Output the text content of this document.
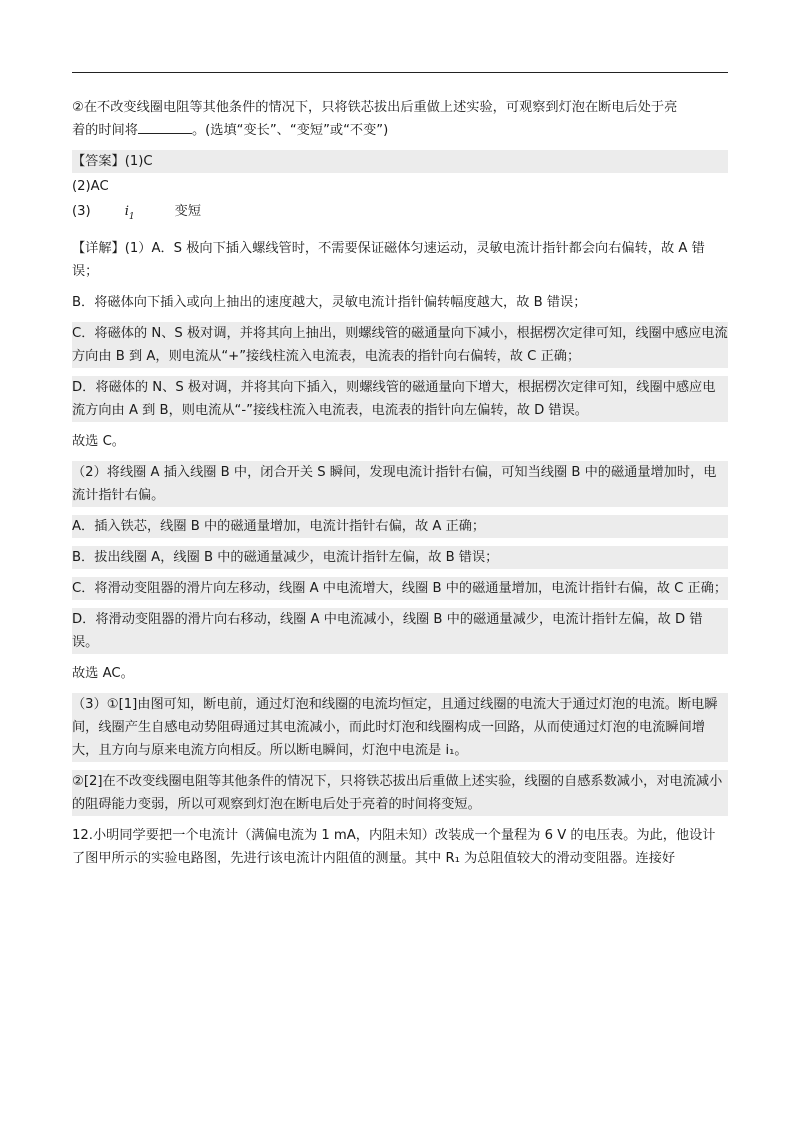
②在不改变线圈电阻等其他条件的情况下，只将铁芯拔出后重做上述实验，可观察到灯泡在断电后处于亮
着的时间将	。(选填“变长”、“变短”或“不变”)

【答案】(1)C

(2)AC

(3)	i1	变短

【详解】(1）A．S 极向下插入螺线管时，不需要保证磁体匀速运动，灵敏电流计指针都会向右偏转，故 A 错误；

B．将磁体向下插入或向上抽出的速度越大，灵敏电流计指针偏转幅度越大，故 B 错误；

C．将磁体的 N、S 极对调，并将其向上抽出，则螺线管的磁通量向下减小，根据楞次定律可知，线圈中感应电流方向由 B 到 A，则电流从“+”接线柱流入电流表，电流表的指针向右偏转，故 C 正确；

D．将磁体的 N、S 极对调，并将其向下插入，则螺线管的磁通量向下增大，根据楞次定律可知，线圈中感应电流方向由 A 到 B，则电流从“-”接线柱流入电流表，电流表的指针向左偏转，故 D 错误。

故选 C。

（2）将线圈 A 插入线圈 B 中，闭合开关 S 瞬间，发现电流计指针右偏，可知当线圈 B 中的磁通量增加时，电流计指针右偏。

A．插入铁芯，线圈 B 中的磁通量增加，电流计指针右偏，故 A 正确；

B．拔出线圈 A，线圈 B 中的磁通量减少，电流计指针左偏，故 B 错误；

C．将滑动变阻器的滑片向左移动，线圈 A 中电流增大，线圈 B 中的磁通量增加，电流计指针右偏，故 C 正确；

D．将滑动变阻器的滑片向右移动，线圈 A 中电流减小，线圈 B 中的磁通量减少，电流计指针左偏，故 D 错误。

故选 AC。

（3）①[1]由图可知，断电前，通过灯泡和线圈的电流均恒定，且通过线圈的电流大于通过灯泡的电流。断电瞬间，线圈产生自感电动势阻碍通过其电流减小，而此时灯泡和线圈构成一回路，从而使通过灯泡的电流瞬间增大，且方向与原来电流方向相反。所以断电瞬间，灯泡中电流是 i₁。

②[2]在不改变线圈电阻等其他条件的情况下，只将铁芯拔出后重做上述实验，线圈的自感系数减小，对电流减小的阻碍能力变弱，所以可观察到灯泡在断电后处于亮着的时间将变短。

12.小明同学要把一个电流计（满偏电流为 1 mA，内阻未知）改装成一个量程为 6 V 的电压表。为此，他设计了图甲所示的实验电路图，先进行该电流计内阻值的测量。其中 R₁ 为总阻值较大的滑动变阻器。连接好
